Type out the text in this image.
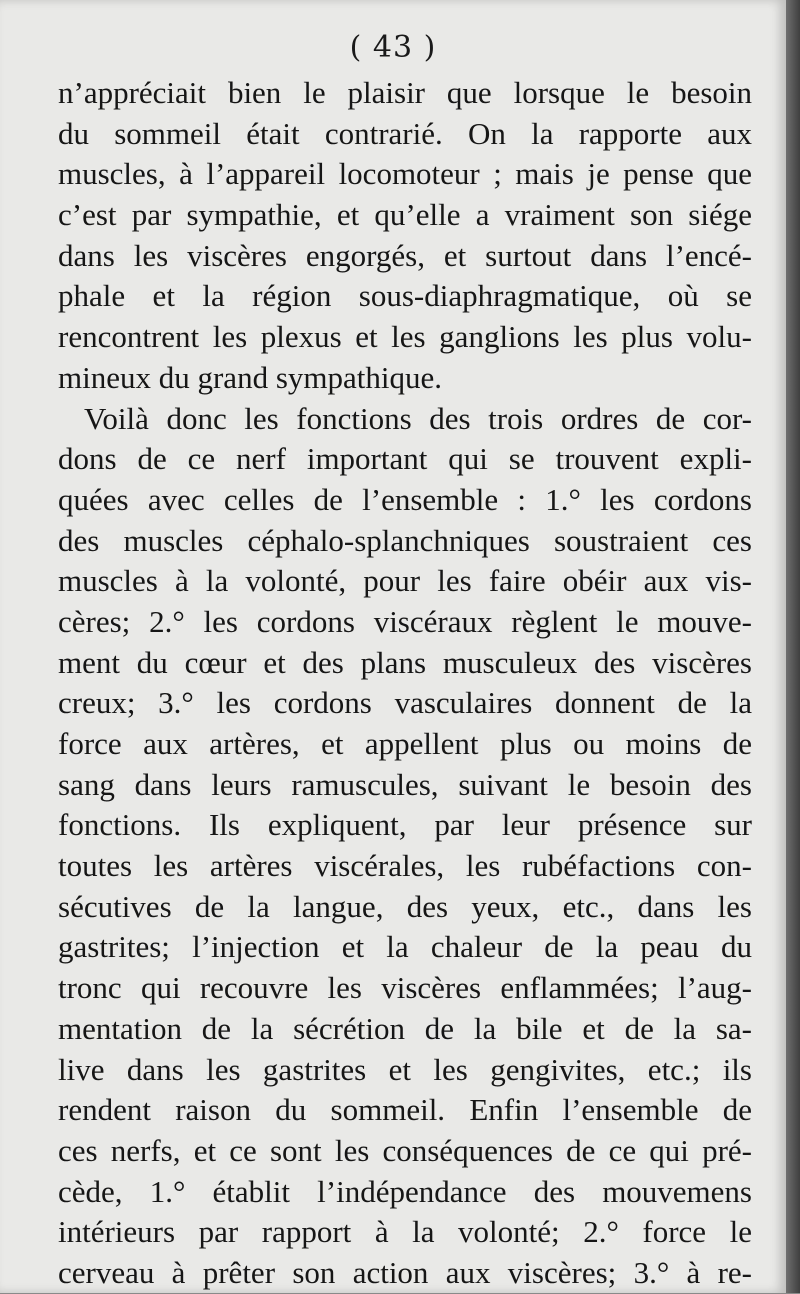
( 43 )
n’appréciait bien le plaisir que lorsque le besoin
du sommeil était contrarié. On la rapporte aux
muscles, à l’appareil locomoteur ; mais je pense que
c’est par sympathie, et qu’elle a vraiment son siége
dans les viscères engorgés, et surtout dans l’encé-
phale et la région sous-diaphragmatique, où se
rencontrent les plexus et les ganglions les plus volu-
mineux du grand sympathique.
Voilà donc les fonctions des trois ordres de cor-
dons de ce nerf important qui se trouvent expli-
quées avec celles de l’ensemble : 1.° les cordons
des muscles céphalo-splanchniques soustraient ces
muscles à la volonté, pour les faire obéir aux vis-
cères; 2.° les cordons viscéraux règlent le mouve-
ment du cœur et des plans musculeux des viscères
creux; 3.° les cordons vasculaires donnent de la
force aux artères, et appellent plus ou moins de
sang dans leurs ramuscules, suivant le besoin des
fonctions. Ils expliquent, par leur présence sur
toutes les artères viscérales, les rubéfactions con-
sécutives de la langue, des yeux, etc., dans les
gastrites; l’injection et la chaleur de la peau du
tronc qui recouvre les viscères enflammées; l’aug-
mentation de la sécrétion de la bile et de la sa-
live dans les gastrites et les gengivites, etc.; ils
rendent raison du sommeil. Enfin l’ensemble de
ces nerfs, et ce sont les conséquences de ce qui pré-
cède, 1.° établit l’indépendance des mouvemens
intérieurs par rapport à la volonté; 2.° force le
cerveau à prêter son action aux viscères; 3.° à re-
